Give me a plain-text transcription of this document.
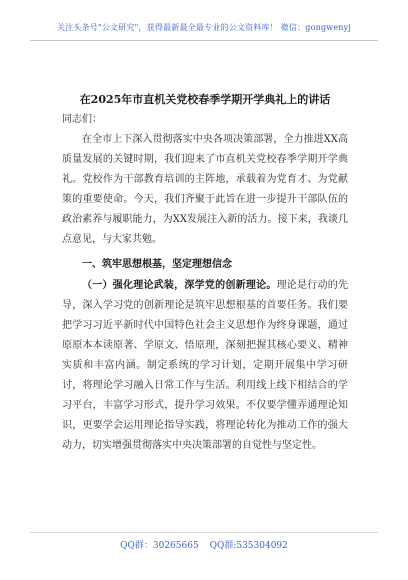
关注头条号"公文研究"，获得最新最全最专业的公文资料库！ 微信：gongwenyj

在2025年市直机关党校春季学期开学典礼上的讲话

同志们：

在全市上下深入贯彻落实中央各项决策部署，全力推进XX高质量发展的关键时期，我们迎来了市直机关党校春季学期开学典礼。党校作为干部教育培训的主阵地，承载着为党育才、为党献策的重要使命。今天，我们齐聚于此旨在进一步提升干部队伍的政治素养与履职能力，为XX发展注入新的活力。接下来，我谈几点意见，与大家共勉。

一、筑牢思想根基，坚定理想信念

（一）强化理论武装，深学党的创新理论。理论是行动的先导，深入学习党的创新理论是筑牢思想根基的首要任务。我们要把学习习近平新时代中国特色社会主义思想作为终身课题，通过原原本本读原著、学原文、悟原理，深刻把握其核心要义、精神实质和丰富内涵。制定系统的学习计划，定期开展集中学习研讨，将理论学习融入日常工作与生活。利用线上线下相结合的学习平台，丰富学习形式，提升学习效果。不仅要学懂弄通理论知识，更要学会运用理论指导实践，将理论转化为推动工作的强大动力，切实增强贯彻落实中央决策部署的自觉性与坚定性。

QQ群：30265665 QQ群:535304092
